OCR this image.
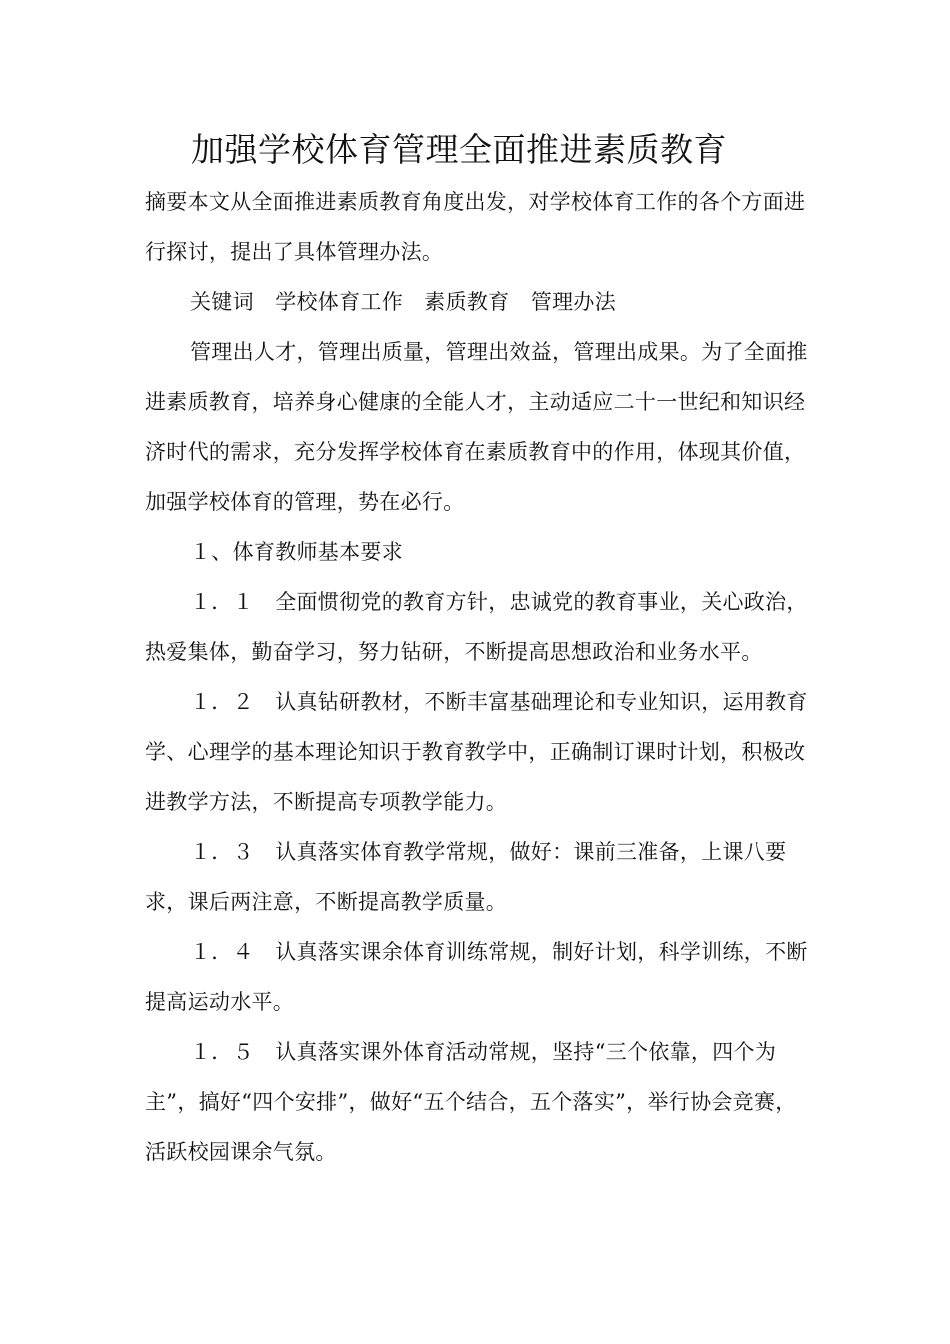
加强学校体育管理全面推进素质教育

摘要本文从全面推进素质教育角度出发，对学校体育工作的各个方面进行探讨，提出了具体管理办法。

关键词　学校体育工作　素质教育　管理办法

管理出人才，管理出质量，管理出效益，管理出成果。为了全面推进素质教育，培养身心健康的全能人才，主动适应二十一世纪和知识经济时代的需求，充分发挥学校体育在素质教育中的作用，体现其价值，加强学校体育的管理，势在必行。

１、体育教师基本要求

１．１　全面惯彻党的教育方针，忠诚党的教育事业，关心政治，热爱集体，勤奋学习，努力钻研，不断提高思想政治和业务水平。

１．２　认真钻研教材，不断丰富基础理论和专业知识，运用教育学、心理学的基本理论知识于教育教学中，正确制订课时计划，积极改进教学方法，不断提高专项教学能力。

１．３　认真落实体育教学常规，做好：课前三准备，上课八要求，课后两注意，不断提高教学质量。

１．４　认真落实课余体育训练常规，制好计划，科学训练，不断提高运动水平。

１．５　认真落实课外体育活动常规，坚持“三个依靠，四个为主”，搞好“四个安排”，做好“五个结合，五个落实”，举行协会竞赛，活跃校园课余气氛。
